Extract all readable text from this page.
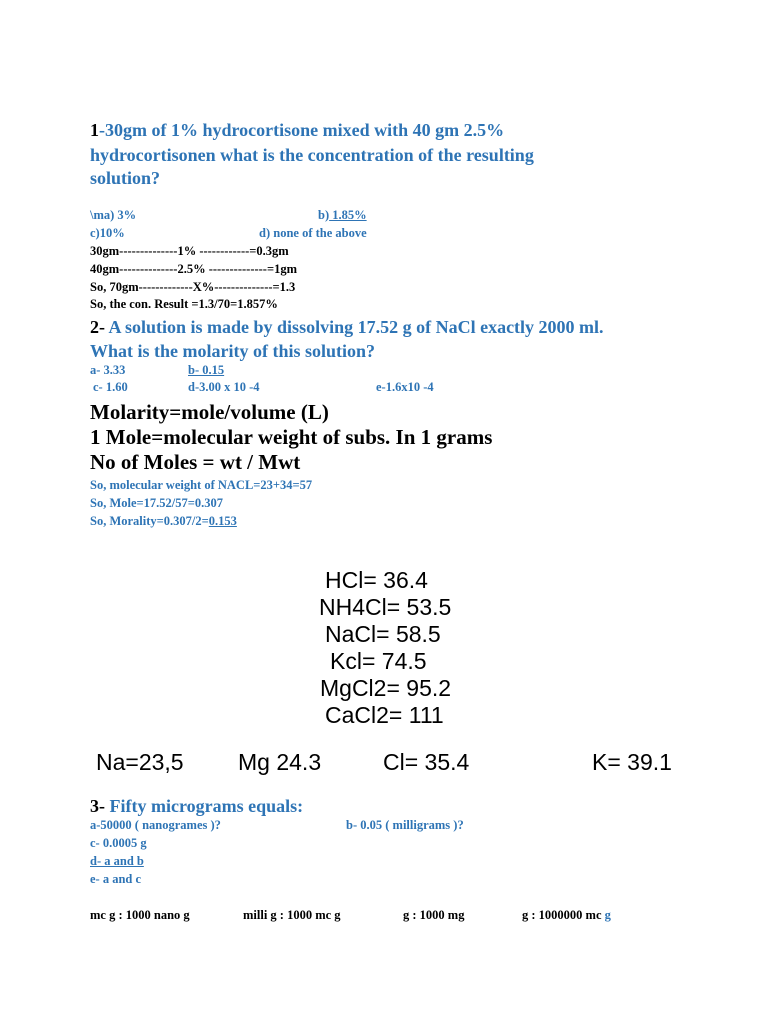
1-30gm of 1% hydrocortisone mixed with 40 gm 2.5%
hydrocortisonen what is the concentration of the resulting
solution?
\ma) 3%	b) 1.85%
c)10%	d) none of the above
30gm--------------1% ------------=0.3gm
40gm--------------2.5% --------------=1gm
So, 70gm-------------X%--------------=1.3
So, the con. Result =1.3/70=1.857%
2- A solution is made by dissolving 17.52 g of NaCl exactly 2000 ml.
What is the molarity of this solution?
a- 3.33	b- 0.15
c- 1.60	d-3.00 x 10 -4	e-1.6x10 -4
Molarity=mole/volume (L)
1 Mole=molecular weight of subs. In 1 grams
No of Moles = wt / Mwt
So, molecular weight of NACL=23+34=57
So, Mole=17.52/57=0.307
So, Morality=0.307/2=0.153
HCl= 36.4
NH4Cl= 53.5
NaCl= 58.5
Kcl= 74.5
MgCl2= 95.2
CaCl2= 111
Na=23,5 Mg 24.3	Cl= 35.4	K= 39.1
3- Fifty micrograms equals:
a-50000 ( nanogrames )?	b- 0.05 ( milligrams )?
c- 0.0005 g
d- a and b
e- a and c
mc g : 1000 nano g	milli g : 1000 mc g	g : 1000 mg	g : 1000000 mc g
